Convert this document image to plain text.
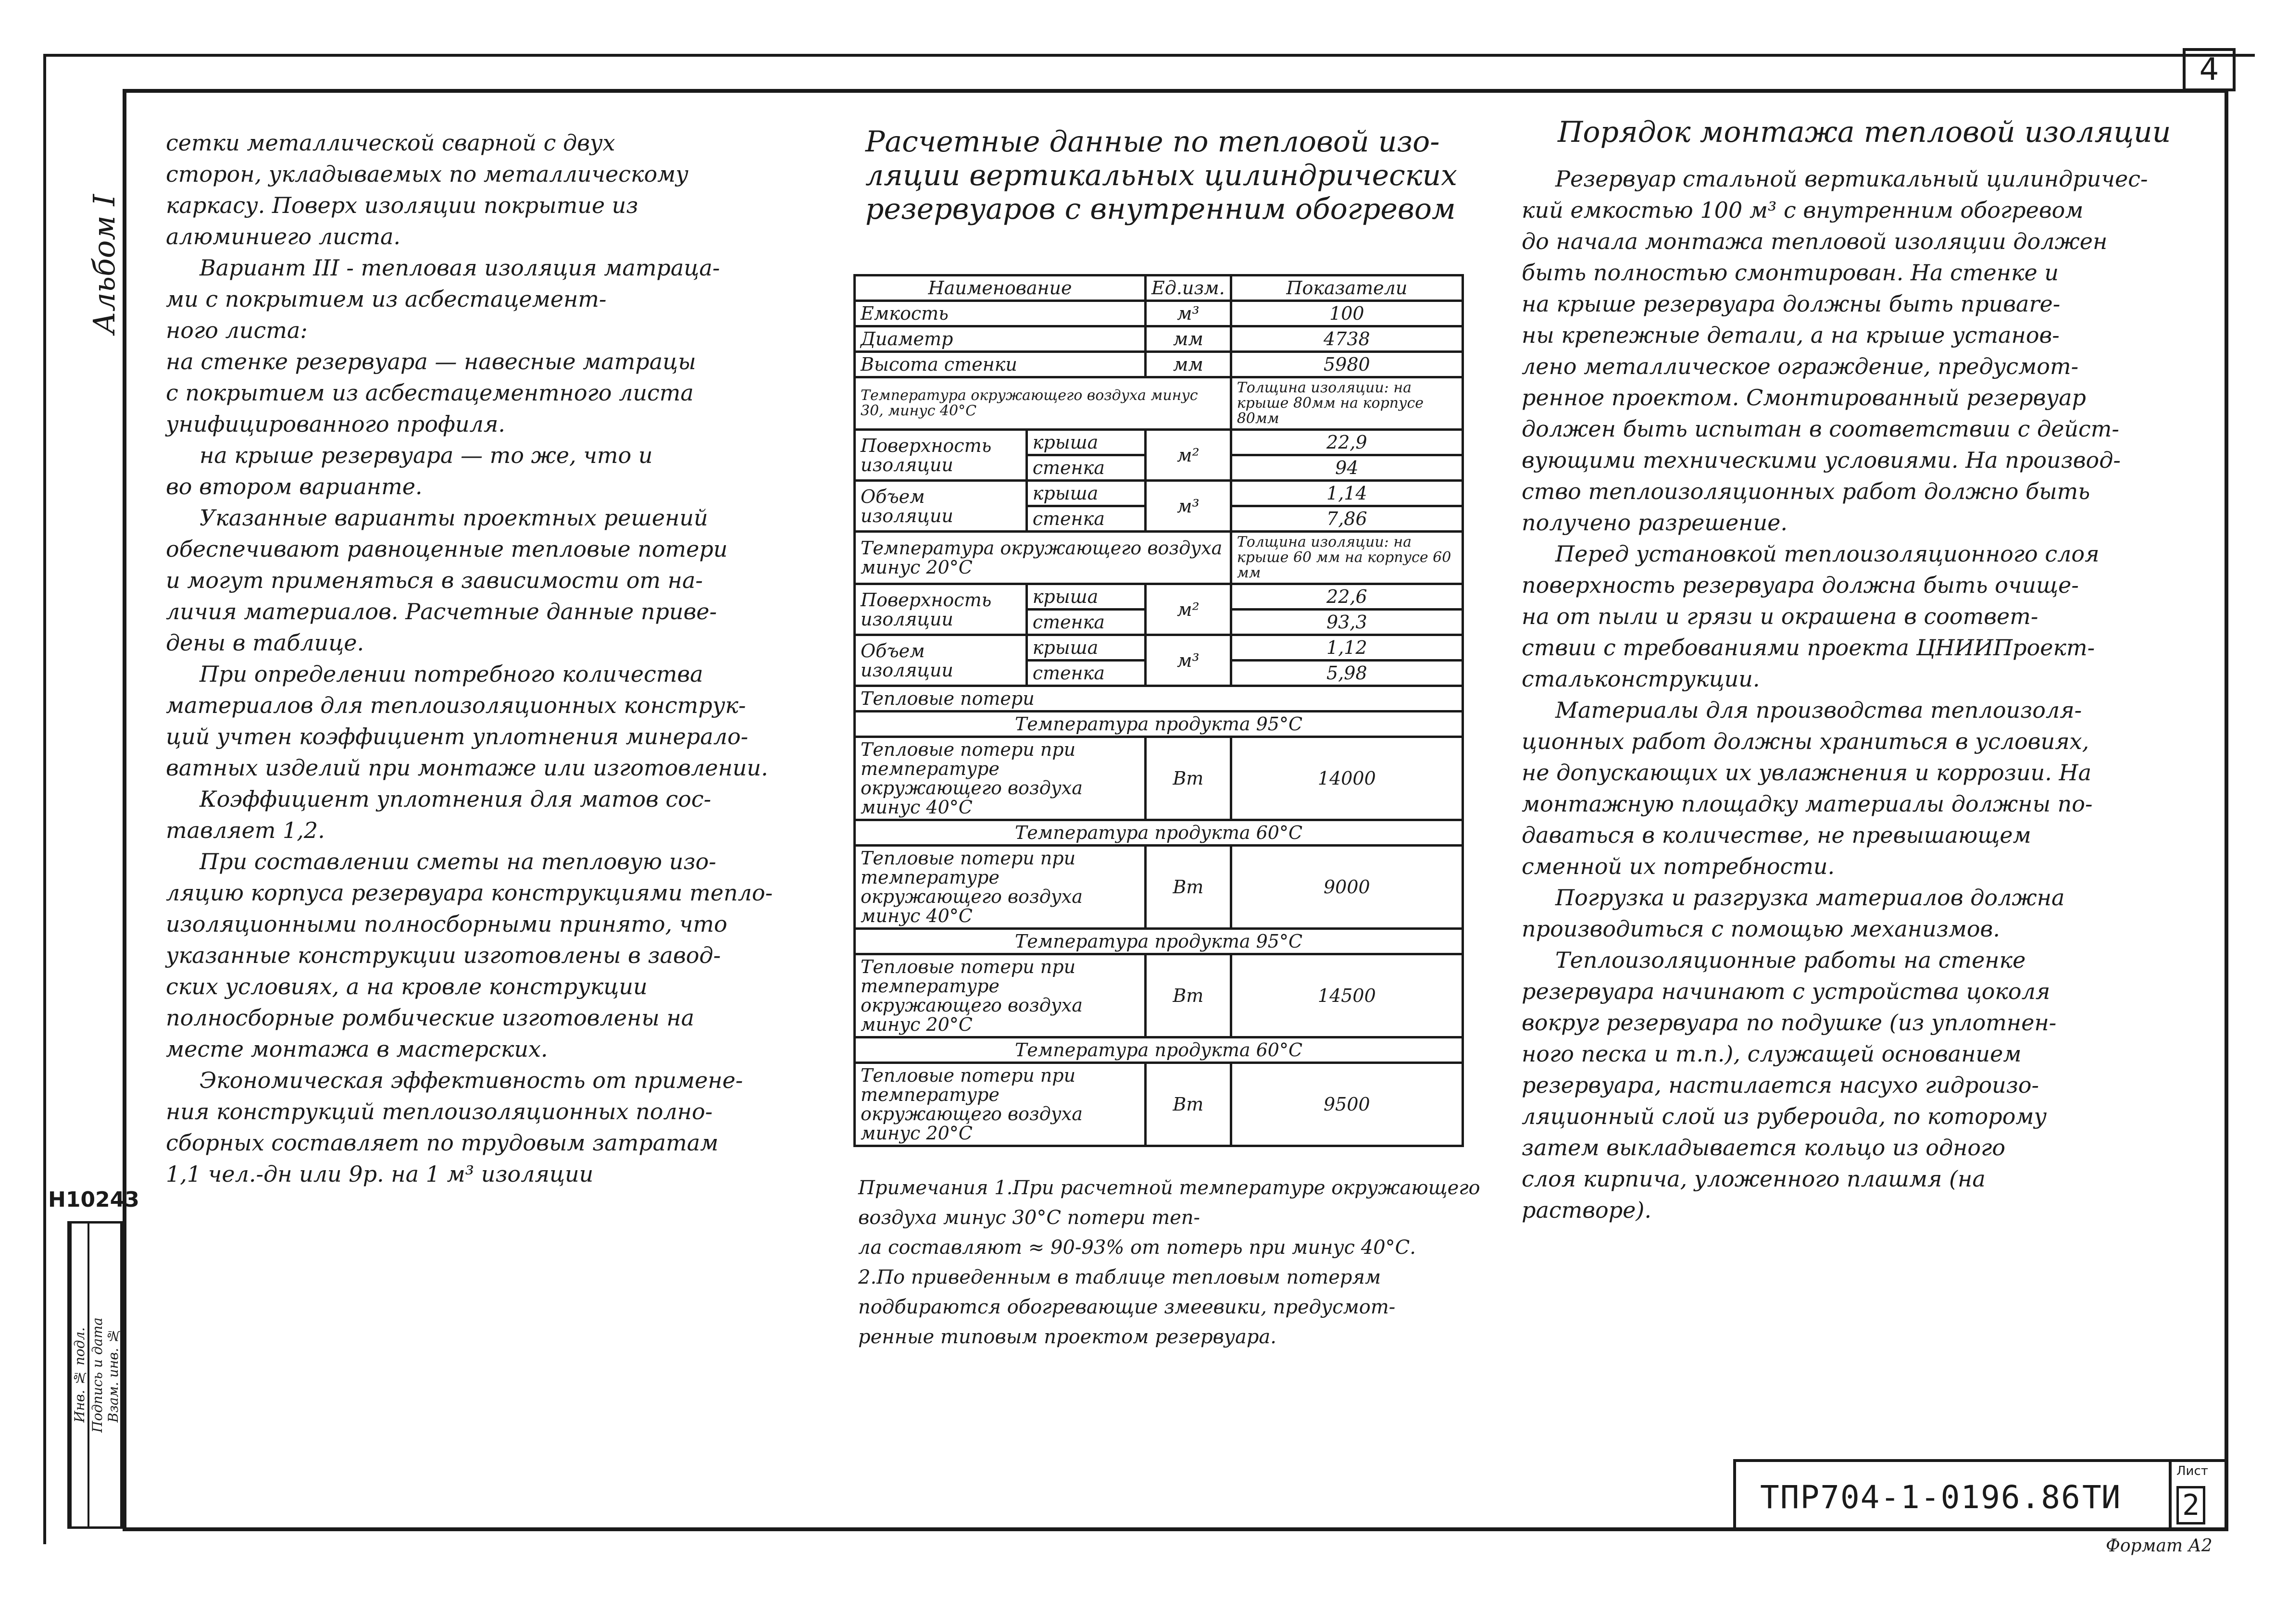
4
Альбом I
Н10243
Инв. № подл. Подпись и дата Взам. инв. №

сетки металлической сварной с двух

сторон, укладываемых по металлическому

каркасу. Поверх изоляции покрытие из

алюминиего листа.

Вариант III - тепловая изоляция матраца-

ми с покрытием из асбестацемент-

ного листа:

на стенке резервуара — навесные матрацы

с покрытием из асбестацементного листа

унифицированного профиля.

на крыше резервуара — то же, что и

во втором варианте.

Указанные варианты проектных решений

обеспечивают равноценные тепловые потери

и могут применяться в зависимости от на-

личия материалов. Расчетные данные приве-

дены в таблице.

При определении потребного количества

материалов для теплоизоляционных конструк-

ций учтен коэффициент уплотнения минерало-

ватных изделий при монтаже или изготовлении.

Коэффициент уплотнения для матов сос-

тавляет 1,2.

При составлении сметы на тепловую изо-

ляцию корпуса резервуара конструкциями тепло-

изоляционными полносборными принято, что

указанные конструкции изготовлены в завод-

ских условиях, а на кровле конструкции

полносборные ромбические изготовлены на

месте монтажа в мастерских.

Экономическая эффективность от примене-

ния конструкций теплоизоляционных полно-

сборных составляет по трудовым затратам

1,1 чел.-дн или 9р. на 1 м³ изоляции

Расчетные данные по тепловой изо-

ляции вертикальных цилиндрических

резервуаров с внутренним обогревом

Наименование		Ед.изм.	Показатели
Емкость		м³	100
Диаметр		мм	4738
Высота стенки		мм	5980
Температура окружающего воздуха минус 30, минус 40°С			Толщина изоляции: на крыше 80мм на корпусе 80мм
Поверхность изоляции	крыша	м²	22,9
	стенка		94
Объем изоляции	крыша	м³	1,14
	стенка		7,86
Температура окружающего воздуха минус 20°С			Толщина изоляции: на крыше 60 мм на корпусе 60 мм
Поверхность изоляции	крыша	м²	22,6
	стенка		93,3
Объем изоляции	крыша	м³	1,12
	стенка		5,98
Тепловые потери			
Температура продукта 95°С			
Тепловые потери при температуре окружающего воздуха минус 40°С		Вт	14000
Температура продукта 60°С			
Тепловые потери при температуре окружающего воздуха минус 40°С		Вт	9000
Температура продукта 95°С			
Тепловые потери при температуре окружающего воздуха минус 20°С		Вт	14500
Температура продукта 60°С			
Тепловые потери при температуре окружающего воздуха минус 20°С		Вт	9500

Примечания 1.При расчетной температуре окружающего

воздуха минус 30°С потери теп-

ла составляют ≈ 90-93% от потерь при минус 40°С.

2.По приведенным в таблице тепловым потерям

подбираются обогревающие змеевики, предусмот-

ренные типовым проектом резервуара.

Порядок монтажа тепловой изоляции

Резервуар стальной вертикальный цилиндричес-

кий емкостью 100 м³ с внутренним обогревом

до начала монтажа тепловой изоляции должен

быть полностью смонтирован. На стенке и

на крыше резервуара должны быть привare-

ны крепежные детали, а на крыше установ-

лено металлическое ограждение, предусмот-

ренное проектом. Смонтированный резервуар

должен быть испытан в соответствии с дейст-

вующими техническими условиями. На производ-

ство теплоизоляционных работ должно быть

получено разрешение.

Перед установкой теплоизоляционного слоя

поверхность резервуара должна быть очище-

на от пыли и грязи и окрашена в соответ-

ствии с требованиями проекта ЦНИИПроект-

стальконструкции.

Материалы для производства теплоизоля-

ционных работ должны храниться в условиях,

не допускающих их увлажнения и коррозии. На

монтажную площадку материалы должны по-

даваться в количестве, не превышающем

сменной их потребности.

Погрузка и разгрузка материалов должна

производиться с помощью механизмов.

Теплоизоляционные работы на стенке

резервуара начинают с устройства цоколя

вокруг резервуара по подушке (из уплотнен-

ного песка и т.п.), служащей основанием

резервуара, настилается насухо гидроизо-

ляционный слой из рубероида, по которому

затем выкладывается кольцо из одного

слоя кирпича, уложенного плашмя (на

растворе).

ТПР704-1-0196.86 ТИ
Лист
2
Формат А2
